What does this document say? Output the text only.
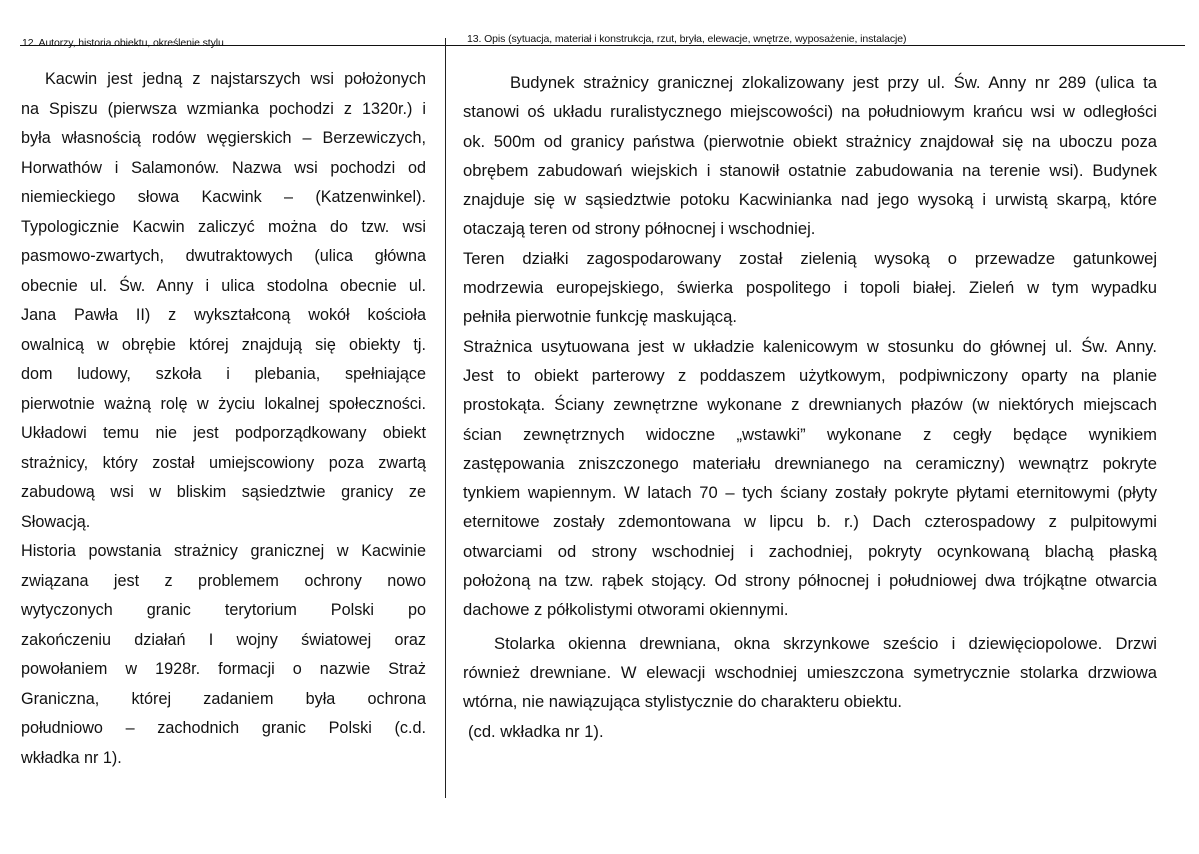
12. Autorzy, historia obiektu, określenie stylu	13. Opis (sytuacja, materiał i konstrukcja, rzut, bryła, elewacje, wnętrze, wyposażenie, instalacje)
Kacwin jest jedną z najstarszych wsi położonych
na Spiszu (pierwsza wzmianka pochodzi z 1320r.) i
była własnością rodów węgierskich – Berzewiczych,
Horwathów i Salamonów. Nazwa wsi pochodzi od
niemieckiego słowa Kacwink – (Katzenwinkel).
Typologicznie Kacwin zaliczyć można do tzw. wsi
pasmowo-zwartych, dwutraktowych (ulica główna
obecnie ul. Św. Anny i ulica stodolna obecnie ul.
Jana Pawła II) z wykształconą wokół kościoła
owalnicą w obrębie której znajdują się obiekty tj.
dom ludowy, szkoła i plebania, spełniające
pierwotnie ważną rolę w życiu lokalnej społeczności.
Układowi temu nie jest podporządkowany obiekt
strażnicy, który został umiejscowiony poza zwartą
zabudową wsi w bliskim sąsiedztwie granicy ze
Słowacją.
Historia powstania strażnicy granicznej w Kacwinie
związana jest z problemem ochrony nowo
wytyczonych granic terytorium Polski po
zakończeniu działań I wojny światowej oraz
powołaniem w 1928r. formacji o nazwie Straż
Graniczna, której zadaniem była ochrona
południowo – zachodnich granic Polski (c.d.
wkładka nr 1).
Budynek strażnicy granicznej zlokalizowany jest przy ul. Św. Anny nr 289 (ulica ta
stanowi oś układu ruralistycznego miejscowości) na południowym krańcu wsi w odległości
ok. 500m od granicy państwa (pierwotnie obiekt strażnicy znajdował się na uboczu poza
obrębem zabudowań wiejskich i stanowił ostatnie zabudowania na terenie wsi). Budynek
znajduje się w sąsiedztwie potoku Kacwinianka nad jego wysoką i urwistą skarpą, które
otaczają teren od strony północnej i wschodniej.
Teren działki zagospodarowany został zielenią wysoką o przewadze gatunkowej
modrzewia europejskiego, świerka pospolitego i topoli białej. Zieleń w tym wypadku
pełniła pierwotnie funkcję maskującą.
Strażnica usytuowana jest w układzie kalenicowym w stosunku do głównej ul. Św. Anny.
Jest to obiekt parterowy z poddaszem użytkowym, podpiwniczony oparty na planie
prostokąta. Ściany zewnętrzne wykonane z drewnianych płazów (w niektórych miejscach
ścian zewnętrznych widoczne „wstawki” wykonane z cegły będące wynikiem
zastępowania zniszczonego materiału drewnianego na ceramiczny) wewnątrz pokryte
tynkiem wapiennym. W latach 70 – tych ściany zostały pokryte płytami eternitowymi (płyty
eternitowe zostały zdemontowana w lipcu b. r.) Dach czterospadowy z pulpitowymi
otwarciami od strony wschodniej i zachodniej, pokryty ocynkowaną blachą płaską
położoną na tzw. rąbek stojący. Od strony północnej i południowej dwa trójkątne otwarcia
dachowe z półkolistymi otworami okiennymi.
Stolarka okienna drewniana, okna skrzynkowe sześcio i dziewięciopolowe. Drzwi
również drewniane. W elewacji wschodniej umieszczona symetrycznie stolarka drzwiowa
wtórna, nie nawiązująca stylistycznie do charakteru obiektu.
(cd. wkładka nr 1).
